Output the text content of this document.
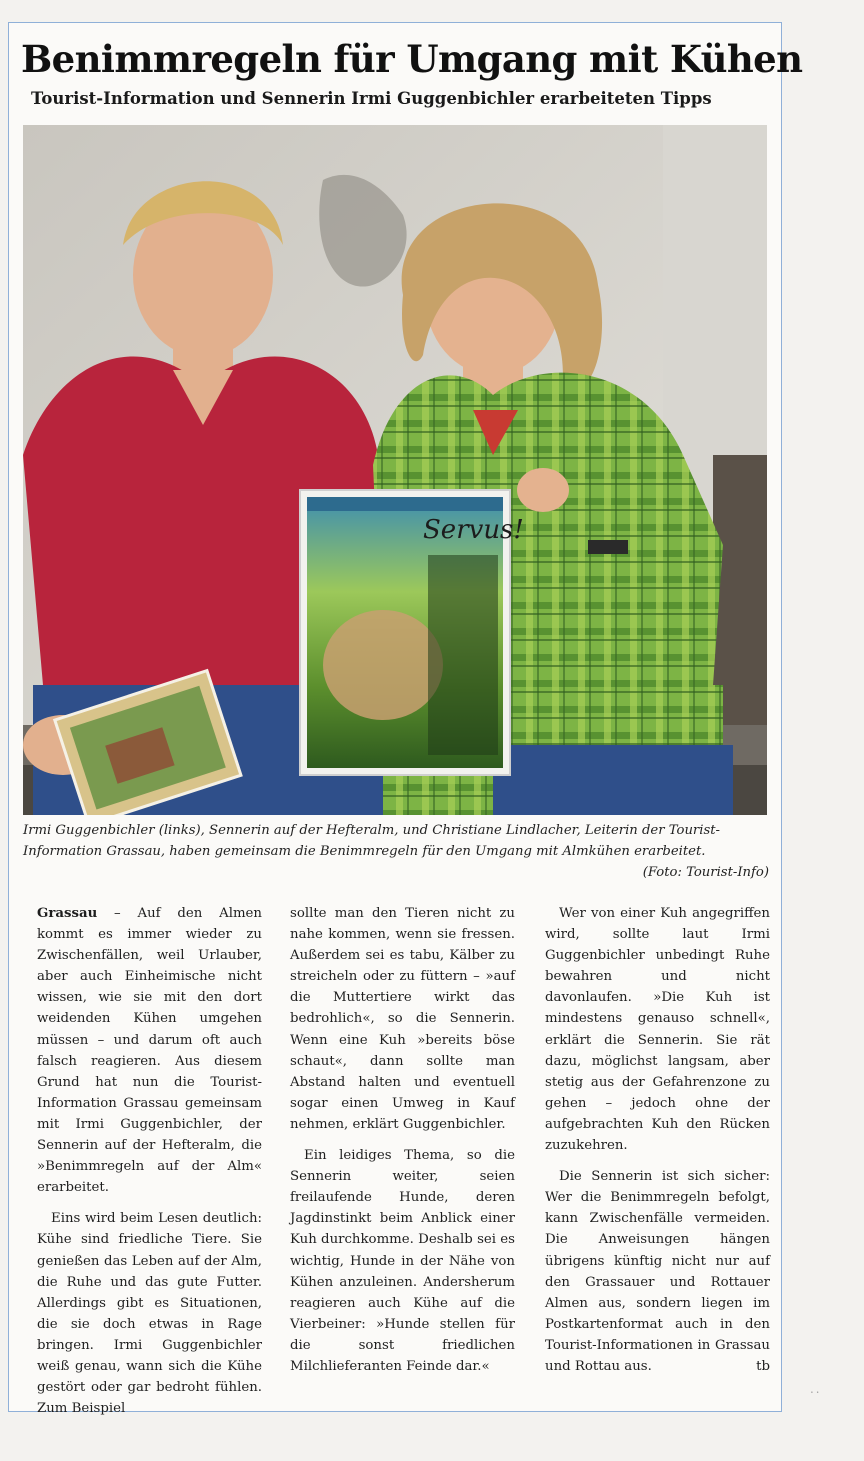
Benimmregeln für Umgang mit Kühen
Tourist-Information und Sennerin Irmi Guggenbichler erarbeiteten Tipps
Servus!
Irmi Guggenbichler (links), Sennerin auf der Hefteralm, und Christiane Lindlacher, Leiterin der Tourist-Information Grassau, haben gemeinsam die Benimmregeln für den Umgang mit Almkühen erarbeitet.
(Foto: Tourist-Info)

Grassau – Auf den Almen kommt es immer wieder zu Zwischenfällen, weil Urlauber, aber auch Einheimische nicht wissen, wie sie mit den dort weidenden Kühen umgehen müssen – und darum oft auch falsch reagieren. Aus diesem Grund hat nun die Tourist-Information Grassau gemeinsam mit Irmi Guggenbichler, der Sennerin auf der Hefteralm, die »Benimmregeln auf der Alm« erarbeitet.

Eins wird beim Lesen deutlich: Kühe sind friedliche Tiere. Sie genießen das Leben auf der Alm, die Ruhe und das gute Futter. Allerdings gibt es Situationen, die sie doch etwas in Rage bringen. Irmi Guggenbichler weiß genau, wann sich die Kühe gestört oder gar bedroht fühlen. Zum Beispiel

sollte man den Tieren nicht zu nahe kommen, wenn sie fressen. Außerdem sei es tabu, Kälber zu streicheln oder zu füttern – »auf die Muttertiere wirkt das bedrohlich«, so die Sennerin. Wenn eine Kuh »bereits böse schaut«, dann sollte man Abstand halten und eventuell sogar einen Umweg in Kauf nehmen, erklärt Guggenbichler.

Ein leidiges Thema, so die Sennerin weiter, seien freilaufende Hunde, deren Jagdinstinkt beim Anblick einer Kuh durchkomme. Deshalb sei es wichtig, Hunde in der Nähe von Kühen anzuleinen. Andersherum reagieren auch Kühe auf die Vierbeiner: »Hunde stellen für die sonst friedlichen Milchlieferanten Feinde dar.«

Wer von einer Kuh angegriffen wird, sollte laut Irmi Guggenbichler unbedingt Ruhe bewahren und nicht davonlaufen. »Die Kuh ist mindestens genauso schnell«, erklärt die Sennerin. Sie rät dazu, möglichst langsam, aber stetig aus der Gefahrenzone zu gehen – jedoch ohne der aufgebrachten Kuh den Rücken zuzukehren.

Die Sennerin ist sich sicher: Wer die Benimmregeln befolgt, kann Zwischenfälle vermeiden. Die Anweisungen hängen übrigens künftig nicht nur auf den Grassauer und Rottauer Almen aus, sondern liegen im Postkartenformat auch in den Tourist-Informationen in Grassau und Rottau aus.	tb

⋅⋅
